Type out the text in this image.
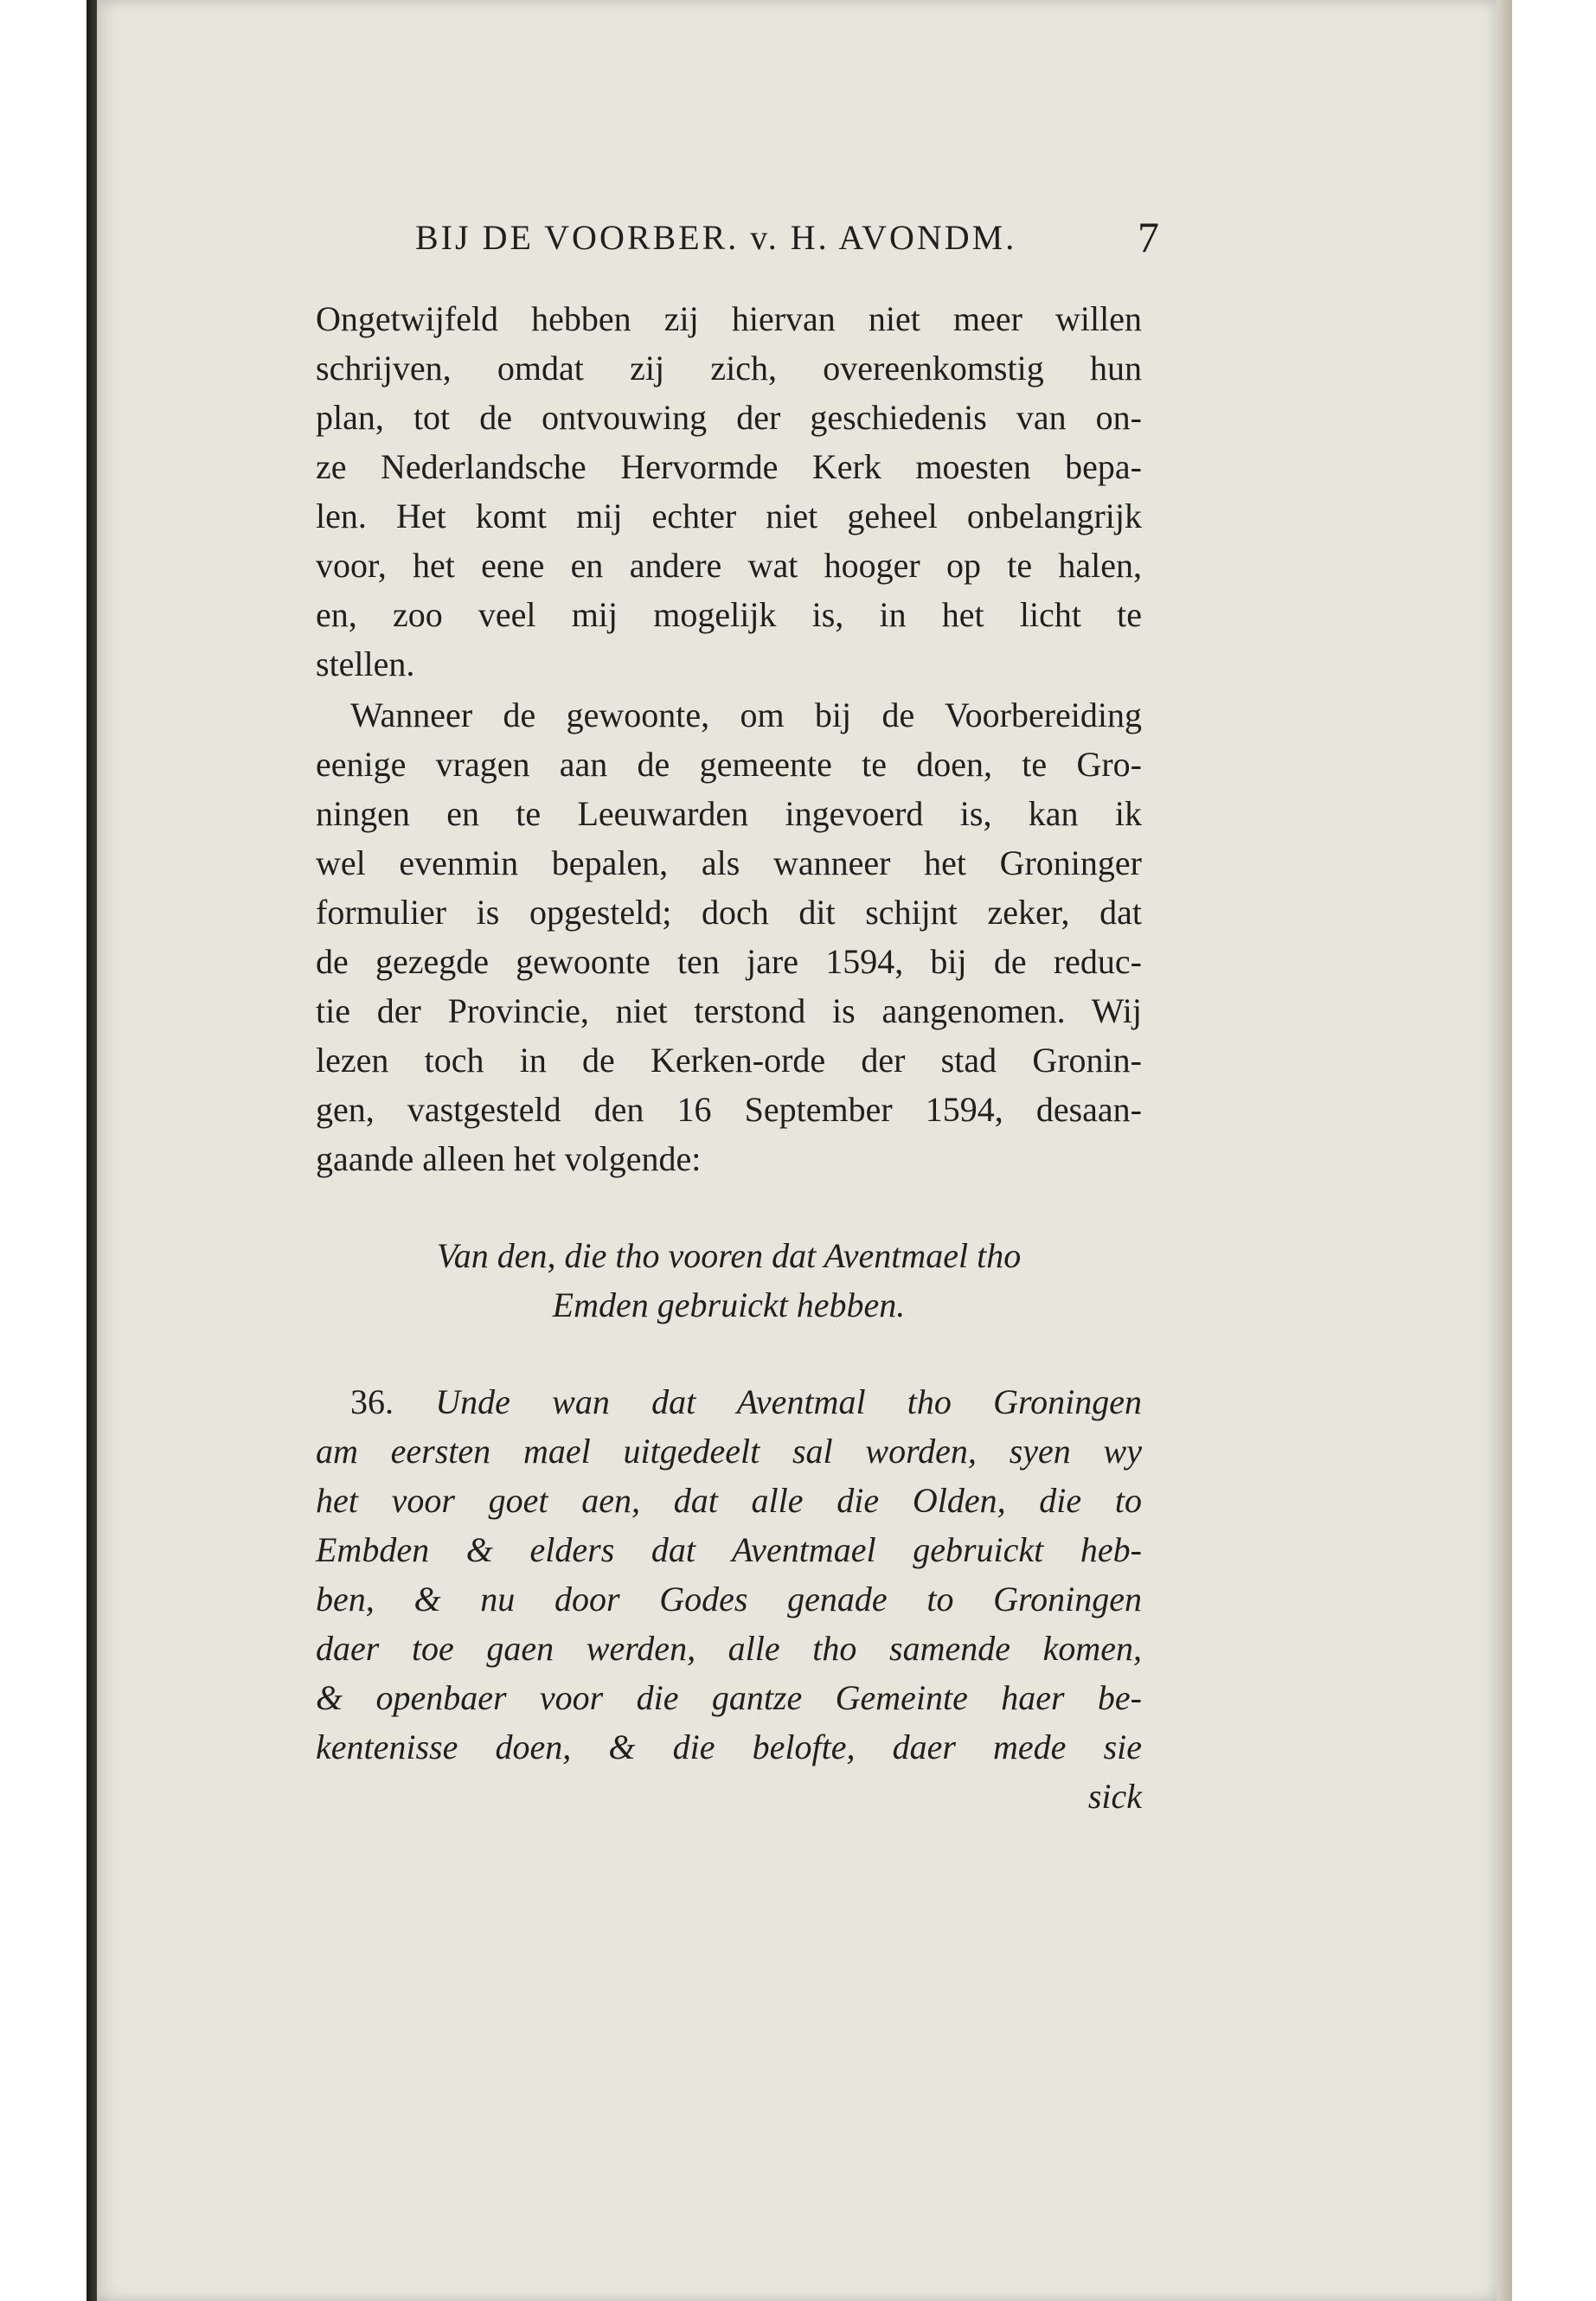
BIJ DE VOORBER. v. H. AVONDM.	7
Ongetwijfeld hebben zij hiervan niet meer willen
schrijven, omdat zij zich, overeenkomstig hun
plan, tot de ontvouwing der geschiedenis van on-
ze Nederlandsche Hervormde Kerk moesten bepa-
len. Het komt mij echter niet geheel onbelangrijk
voor, het eene en andere wat hooger op te halen,
en, zoo veel mij mogelijk is, in het licht te
stellen.
Wanneer de gewoonte, om bij de Voorbereiding
eenige vragen aan de gemeente te doen, te Gro-
ningen en te Leeuwarden ingevoerd is, kan ik
wel evenmin bepalen, als wanneer het Groninger
formulier is opgesteld; doch dit schijnt zeker, dat
de gezegde gewoonte ten jare 1594, bij de reduc-
tie der Provincie, niet terstond is aangenomen. Wij
lezen toch in de Kerken-orde der stad Gronin-
gen, vastgesteld den 16 September 1594, desaan-
gaande alleen het volgende:
Van den, die tho vooren dat Aventmael tho
Emden gebruickt hebben.
36. Unde wan dat Aventmal tho Groningen
am eersten mael uitgedeelt sal worden, syen wy
het voor goet aen, dat alle die Olden, die to
Embden & elders dat Aventmael gebruickt heb-
ben, & nu door Godes genade to Groningen
daer toe gaen werden, alle tho samende komen,
& openbaer voor die gantze Gemeinte haer be-
kentenisse doen, & die belofte, daer mede sie
sick
